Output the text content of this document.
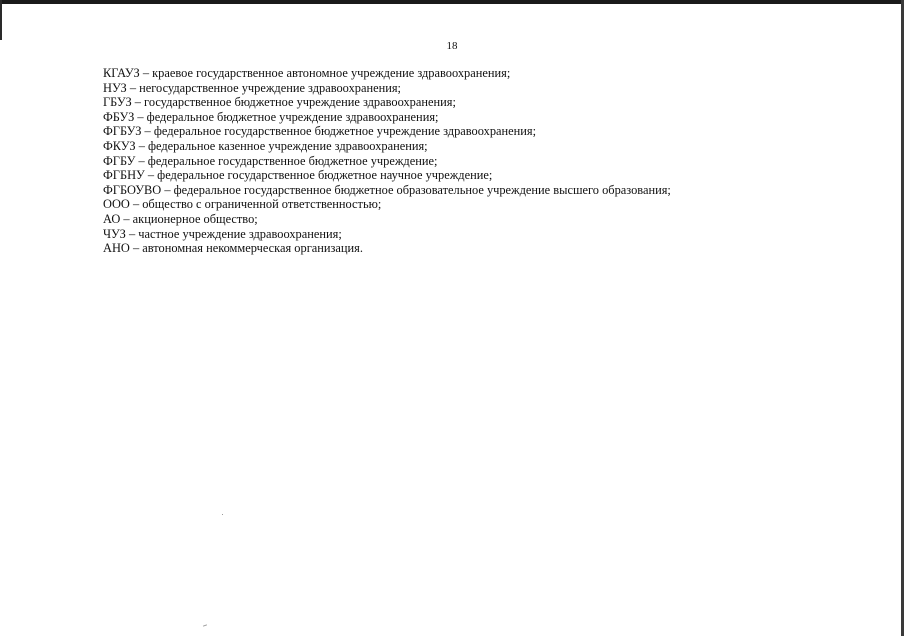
18
КГАУЗ – краевое государственное автономное учреждение здравоохранения;
НУЗ – негосударственное учреждение здравоохранения;
ГБУЗ – государственное бюджетное учреждение здравоохранения;
ФБУЗ – федеральное бюджетное учреждение здравоохранения;
ФГБУЗ – федеральное государственное бюджетное учреждение здравоохранения;
ФКУЗ – федеральное казенное учреждение здравоохранения;
ФГБУ – федеральное государственное бюджетное учреждение;
ФГБНУ – федеральное государственное бюджетное научное учреждение;
ФГБОУВО – федеральное государственное бюджетное образовательное учреждение высшего образования;
ООО – общество с ограниченной ответственностью;
АО – акционерное общество;
ЧУЗ – частное учреждение здравоохранения;
АНО – автономная некоммерческая организация.
